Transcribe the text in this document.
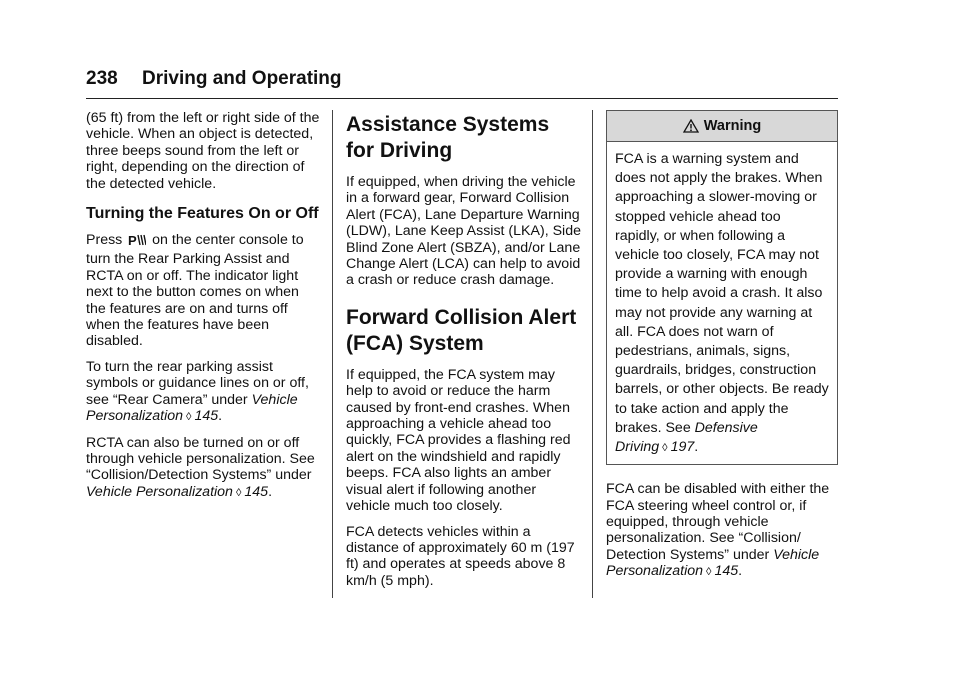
238 Driving and Operating

(65 ft) from the left or right side of the vehicle. When an object is detected, three beeps sound from the left or right, depending on the direction of the detected vehicle.

Turning the Features On or Off

Press P on the center console to turn the Rear Parking Assist and RCTA on or off. The indicator light next to the button comes on when the features are on and turns off when the features have been disabled.

To turn the rear parking assist symbols or guidance lines on or off, see “Rear Camera” under Vehicle Personalization ◊ 145.

RCTA can also be turned on or off through vehicle personalization. See “Collision/Detection Systems” under Vehicle Personalization ◊ 145.

Assistance Systems for Driving

If equipped, when driving the vehicle in a forward gear, Forward Collision Alert (FCA), Lane Departure Warning (LDW), Lane Keep Assist (LKA), Side Blind Zone Alert (SBZA), and/or Lane Change Alert (LCA) can help to avoid a crash or reduce crash damage.

Forward Collision Alert (FCA) System

If equipped, the FCA system may help to avoid or reduce the harm caused by front-end crashes. When approaching a vehicle ahead too quickly, FCA provides a flashing red alert on the windshield and rapidly beeps. FCA also lights an amber visual alert if following another vehicle much too closely.

FCA detects vehicles within a distance of approximately 60 m (197 ft) and operates at speeds above 8 km/h (5 mph).

Warning
FCA is a warning system and does not apply the brakes. When approaching a slower-moving or stopped vehicle ahead too rapidly, or when following a vehicle too closely, FCA may not provide a warning with enough time to help avoid a crash. It also may not provide any warning at all. FCA does not warn of pedestrians, animals, signs, guardrails, bridges, construction barrels, or other objects. Be ready to take action and apply the brakes. See Defensive Driving ◊ 197.

FCA can be disabled with either the FCA steering wheel control or, if equipped, through vehicle personalization. See “Collision/ Detection Systems” under Vehicle Personalization ◊ 145.
